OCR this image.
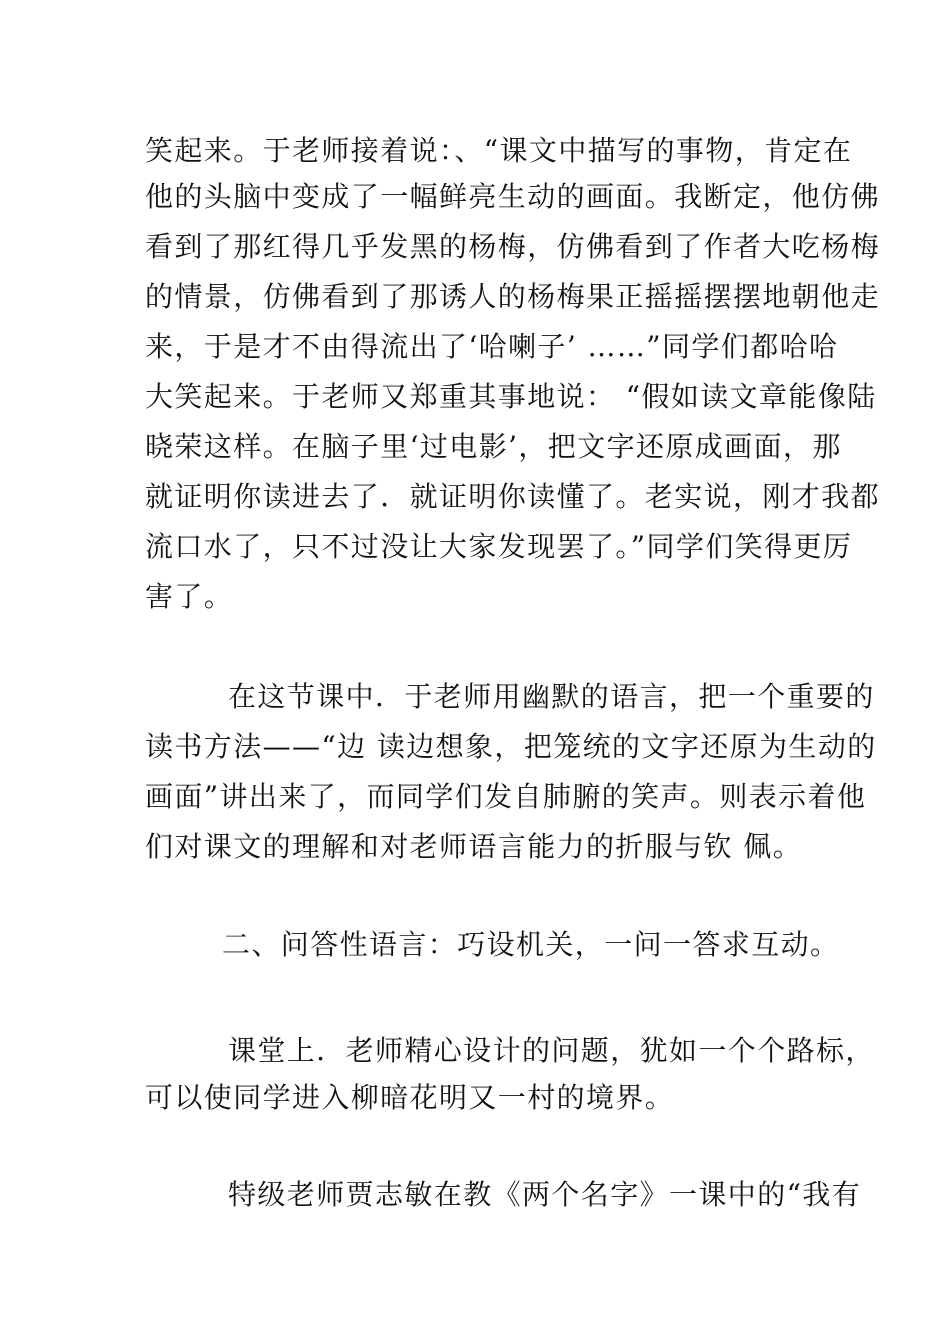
笑起来。于老师接着说：、“课文中描写的事物，肯定在
他的头脑中变成了一幅鲜亮生动的画面。我断定，他仿佛
看到了那红得几乎发黑的杨梅，仿佛看到了作者大吃杨梅
的情景，仿佛看到了那诱人的杨梅果正摇摇摆摆地朝他走
来，于是才不由得流出了‘哈喇子’ ……”同学们都哈哈
大笑起来。于老师又郑重其事地说： “假如读文章能像陆
晓荣这样。在脑子里‘过电影’，把文字还原成画面，那
就证明你读进去了．就证明你读懂了。老实说，刚才我都
流口水了，只不过没让大家发现罢了。”同学们笑得更厉
害了。
在这节课中．于老师用幽默的语言，把一个重要的
读书方法——“边 读边想象，把笼统的文字还原为生动的
画面”讲出来了，而同学们发自肺腑的笑声。则表示着他
们对课文的理解和对老师语言能力的折服与钦 佩。
二、问答性语言：巧设机关，一问一答求互动。
课堂上．老师精心设计的问题，犹如一个个路标，
可以使同学进入柳暗花明又一村的境界。
特级老师贾志敏在教《两个名字》一课中的“我有
